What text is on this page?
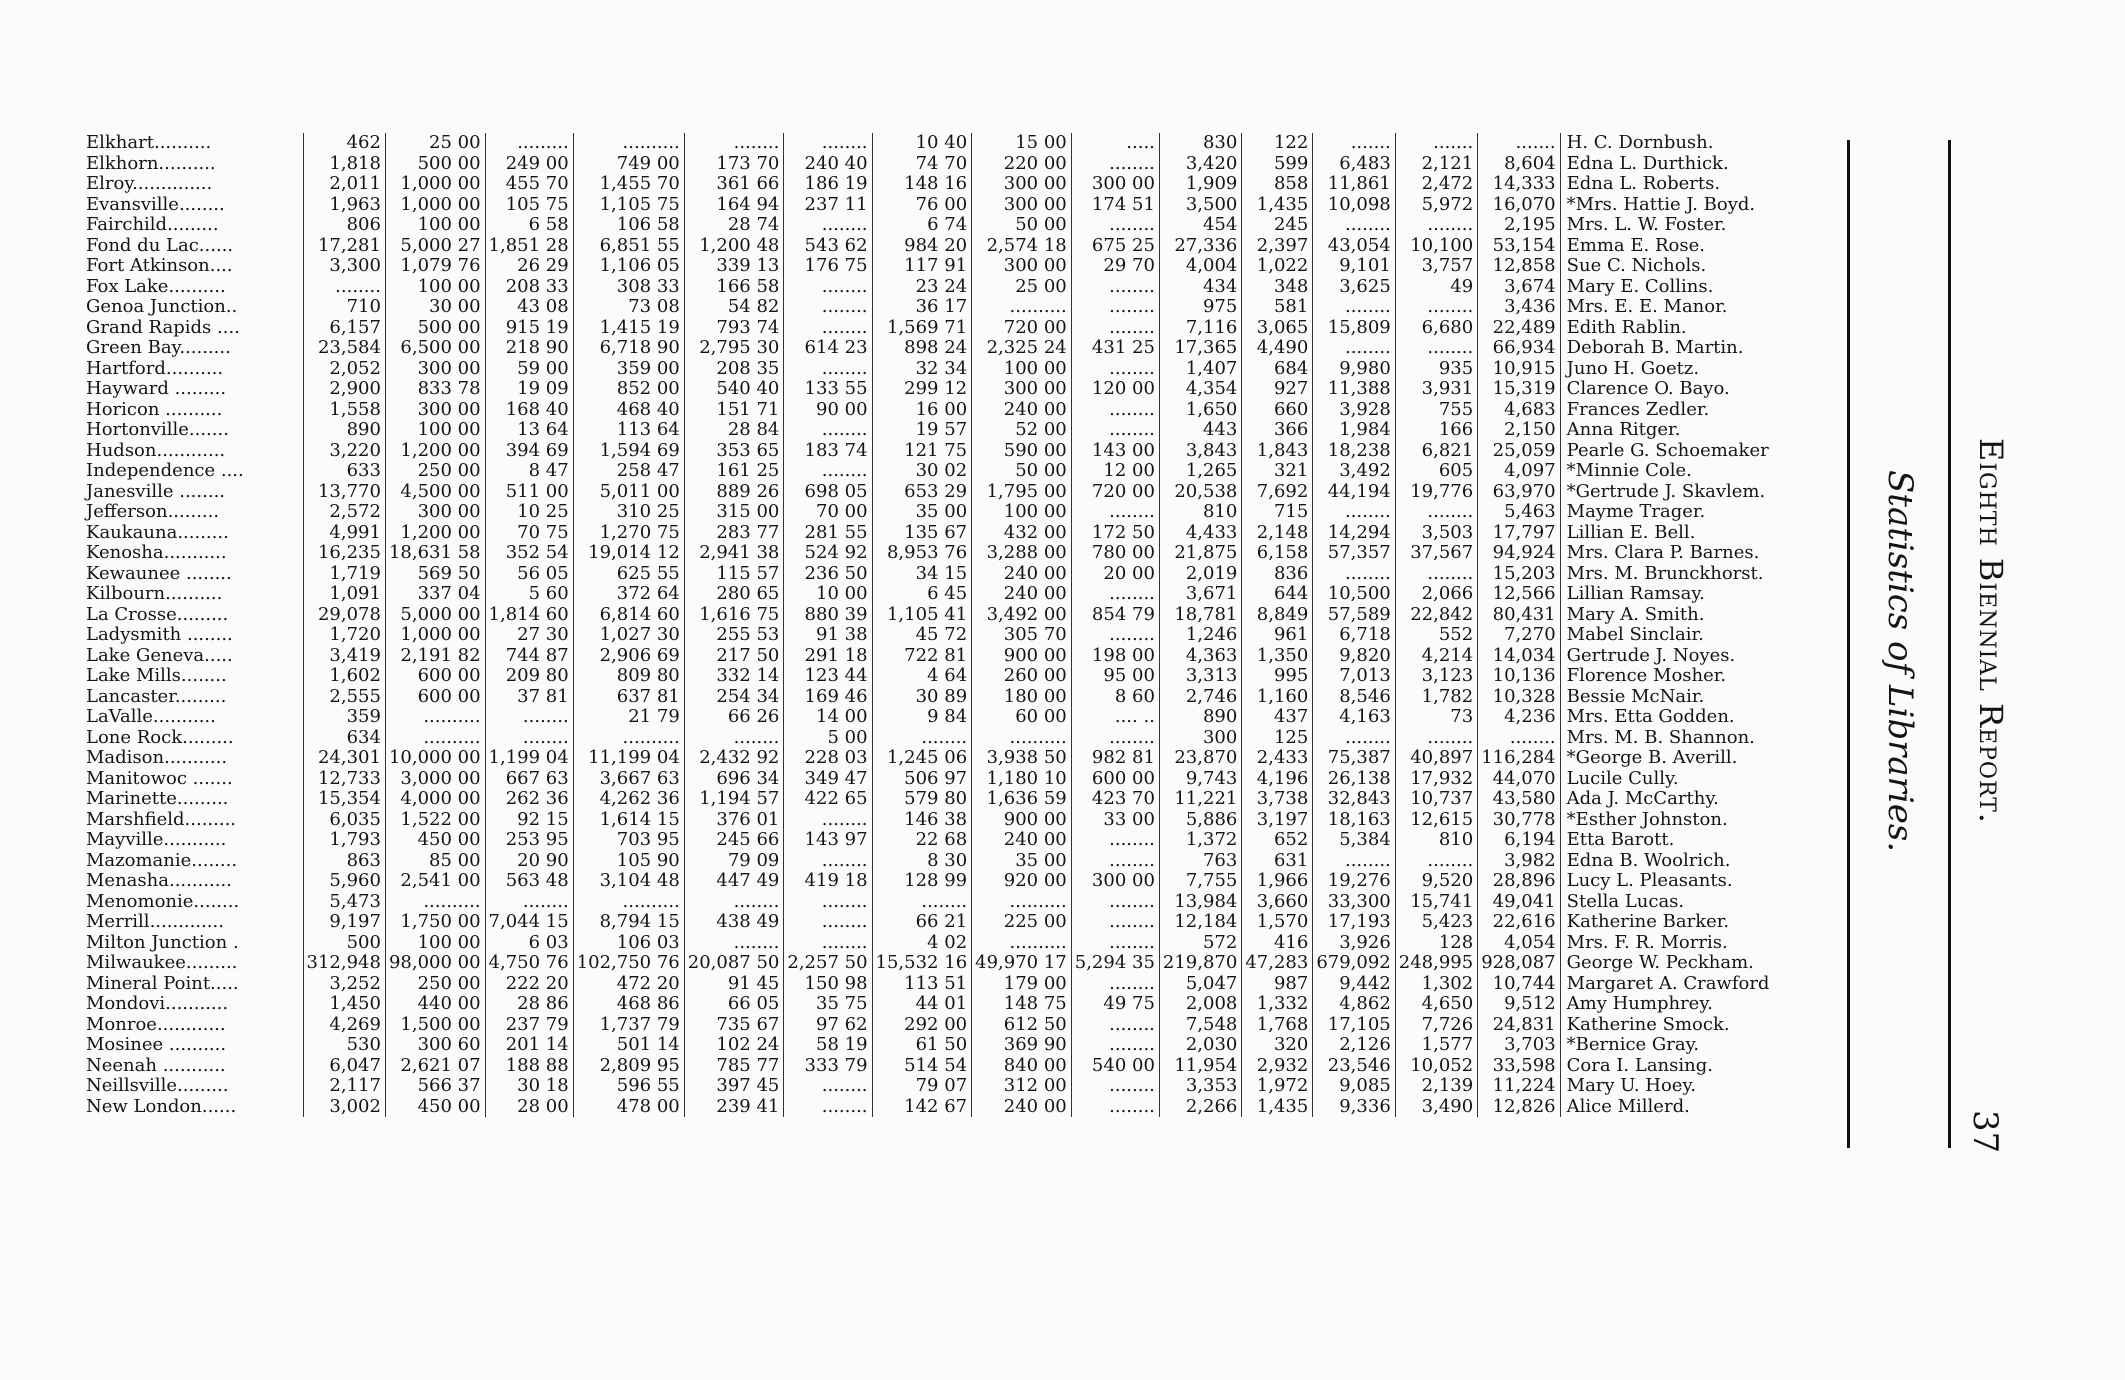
Elkhart..........	462	25 00	.........	..........	........	........	10 40	15 00	.....	830	122	.......	.......	.......	H. C. Dornbush.
Elkhorn..........	1,818	500 00	249 00	749 00	173 70	240 40	74 70	220 00	........	3,420	599	6,483	2,121	8,604	Edna L. Durthick.
Elroy..............	2,011	1,000 00	455 70	1,455 70	361 66	186 19	148 16	300 00	300 00	1,909	858	11,861	2,472	14,333	Edna L. Roberts.
Evansville........	1,963	1,000 00	105 75	1,105 75	164 94	237 11	76 00	300 00	174 51	3,500	1,435	10,098	5,972	16,070	*Mrs. Hattie J. Boyd.
Fairchild.........	806	100 00	6 58	106 58	28 74	........	6 74	50 00	........	454	245	........	........	2,195	Mrs. L. W. Foster.
Fond du Lac......	17,281	5,000 27	1,851 28	6,851 55	1,200 48	543 62	984 20	2,574 18	675 25	27,336	2,397	43,054	10,100	53,154	Emma E. Rose.
Fort Atkinson....	3,300	1,079 76	26 29	1,106 05	339 13	176 75	117 91	300 00	29 70	4,004	1,022	9,101	3,757	12,858	Sue C. Nichols.
Fox Lake..........	........	100 00	208 33	308 33	166 58	........	23 24	25 00	........	434	348	3,625	49	3,674	Mary E. Collins.
Genoa Junction..	710	30 00	43 08	73 08	54 82	........	36 17	..........	........	975	581	........	........	3,436	Mrs. E. E. Manor.
Grand Rapids ....	6,157	500 00	915 19	1,415 19	793 74	........	1,569 71	720 00	........	7,116	3,065	15,809	6,680	22,489	Edith Rablin.
Green Bay.........	23,584	6,500 00	218 90	6,718 90	2,795 30	614 23	898 24	2,325 24	431 25	17,365	4,490	........	........	66,934	Deborah B. Martin.
Hartford..........	2,052	300 00	59 00	359 00	208 35	........	32 34	100 00	........	1,407	684	9,980	935	10,915	Juno H. Goetz.
Hayward .........	2,900	833 78	19 09	852 00	540 40	133 55	299 12	300 00	120 00	4,354	927	11,388	3,931	15,319	Clarence O. Bayo.
Horicon ..........	1,558	300 00	168 40	468 40	151 71	90 00	16 00	240 00	........	1,650	660	3,928	755	4,683	Frances Zedler.
Hortonville.......	890	100 00	13 64	113 64	28 84	........	19 57	52 00	........	443	366	1,984	166	2,150	Anna Ritger.
Hudson............	3,220	1,200 00	394 69	1,594 69	353 65	183 74	121 75	590 00	143 00	3,843	1,843	18,238	6,821	25,059	Pearle G. Schoemaker
Independence ....	633	250 00	8 47	258 47	161 25	........	30 02	50 00	12 00	1,265	321	3,492	605	4,097	*Minnie Cole.
Janesville ........	13,770	4,500 00	511 00	5,011 00	889 26	698 05	653 29	1,795 00	720 00	20,538	7,692	44,194	19,776	63,970	*Gertrude J. Skavlem.
Jefferson.........	2,572	300 00	10 25	310 25	315 00	70 00	35 00	100 00	........	810	715	........	........	5,463	Mayme Trager.
Kaukauna.........	4,991	1,200 00	70 75	1,270 75	283 77	281 55	135 67	432 00	172 50	4,433	2,148	14,294	3,503	17,797	Lillian E. Bell.
Kenosha...........	16,235	18,631 58	352 54	19,014 12	2,941 38	524 92	8,953 76	3,288 00	780 00	21,875	6,158	57,357	37,567	94,924	Mrs. Clara P. Barnes.
Kewaunee ........	1,719	569 50	56 05	625 55	115 57	236 50	34 15	240 00	20 00	2,019	836	........	........	15,203	Mrs. M. Brunckhorst.
Kilbourn..........	1,091	337 04	5 60	372 64	280 65	10 00	6 45	240 00	........	3,671	644	10,500	2,066	12,566	Lillian Ramsay.
La Crosse.........	29,078	5,000 00	1,814 60	6,814 60	1,616 75	880 39	1,105 41	3,492 00	854 79	18,781	8,849	57,589	22,842	80,431	Mary A. Smith.
Ladysmith ........	1,720	1,000 00	27 30	1,027 30	255 53	91 38	45 72	305 70	........	1,246	961	6,718	552	7,270	Mabel Sinclair.
Lake Geneva.....	3,419	2,191 82	744 87	2,906 69	217 50	291 18	722 81	900 00	198 00	4,363	1,350	9,820	4,214	14,034	Gertrude J. Noyes.
Lake Mills........	1,602	600 00	209 80	809 80	332 14	123 44	4 64	260 00	95 00	3,313	995	7,013	3,123	10,136	Florence Mosher.
Lancaster.........	2,555	600 00	37 81	637 81	254 34	169 46	30 89	180 00	8 60	2,746	1,160	8,546	1,782	10,328	Bessie McNair.
LaValle...........	359	..........	........	21 79	66 26	14 00	9 84	60 00	.... ..	890	437	4,163	73	4,236	Mrs. Etta Godden.
Lone Rock.........	634	..........	........	..........	........	5 00	........	..........	........	300	125	........	........	........	Mrs. M. B. Shannon.
Madison...........	24,301	10,000 00	1,199 04	11,199 04	2,432 92	228 03	1,245 06	3,938 50	982 81	23,870	2,433	75,387	40,897	116,284	*George B. Averill.
Manitowoc .......	12,733	3,000 00	667 63	3,667 63	696 34	349 47	506 97	1,180 10	600 00	9,743	4,196	26,138	17,932	44,070	Lucile Cully.
Marinette.........	15,354	4,000 00	262 36	4,262 36	1,194 57	422 65	579 80	1,636 59	423 70	11,221	3,738	32,843	10,737	43,580	Ada J. McCarthy.
Marshfield.........	6,035	1,522 00	92 15	1,614 15	376 01	........	146 38	900 00	33 00	5,886	3,197	18,163	12,615	30,778	*Esther Johnston.
Mayville...........	1,793	450 00	253 95	703 95	245 66	143 97	22 68	240 00	........	1,372	652	5,384	810	6,194	Etta Barott.
Mazomanie........	863	85 00	20 90	105 90	79 09	........	8 30	35 00	........	763	631	........	........	3,982	Edna B. Woolrich.
Menasha...........	5,960	2,541 00	563 48	3,104 48	447 49	419 18	128 99	920 00	300 00	7,755	1,966	19,276	9,520	28,896	Lucy L. Pleasants.
Menomonie........	5,473	..........	........	..........	........	........	........	..........	........	13,984	3,660	33,300	15,741	49,041	Stella Lucas.
Merrill.............	9,197	1,750 00	7,044 15	8,794 15	438 49	........	66 21	225 00	........	12,184	1,570	17,193	5,423	22,616	Katherine Barker.
Milton Junction .	500	100 00	6 03	106 03	........	........	4 02	..........	........	572	416	3,926	128	4,054	Mrs. F. R. Morris.
Milwaukee.........	312,948	98,000 00	4,750 76	102,750 76	20,087 50	2,257 50	15,532 16	49,970 17	5,294 35	219,870	47,283	679,092	248,995	928,087	George W. Peckham.
Mineral Point.....	3,252	250 00	222 20	472 20	91 45	150 98	113 51	179 00	........	5,047	987	9,442	1,302	10,744	Margaret A. Crawford
Mondovi...........	1,450	440 00	28 86	468 86	66 05	35 75	44 01	148 75	49 75	2,008	1,332	4,862	4,650	9,512	Amy Humphrey.
Monroe............	4,269	1,500 00	237 79	1,737 79	735 67	97 62	292 00	612 50	........	7,548	1,768	17,105	7,726	24,831	Katherine Smock.
Mosinee ..........	530	300 60	201 14	501 14	102 24	58 19	61 50	369 90	........	2,030	320	2,126	1,577	3,703	*Bernice Gray.
Neenah ...........	6,047	2,621 07	188 88	2,809 95	785 77	333 79	514 54	840 00	540 00	11,954	2,932	23,546	10,052	33,598	Cora I. Lansing.
Neillsville.........	2,117	566 37	30 18	596 55	397 45	........	79 07	312 00	........	3,353	1,972	9,085	2,139	11,224	Mary U. Hoey.
New London......	3,002	450 00	28 00	478 00	239 41	........	142 67	240 00	........	2,266	1,435	9,336	3,490	12,826	Alice Millerd.
Eighth Biennial Report.
Statistics of Libraries.
37
